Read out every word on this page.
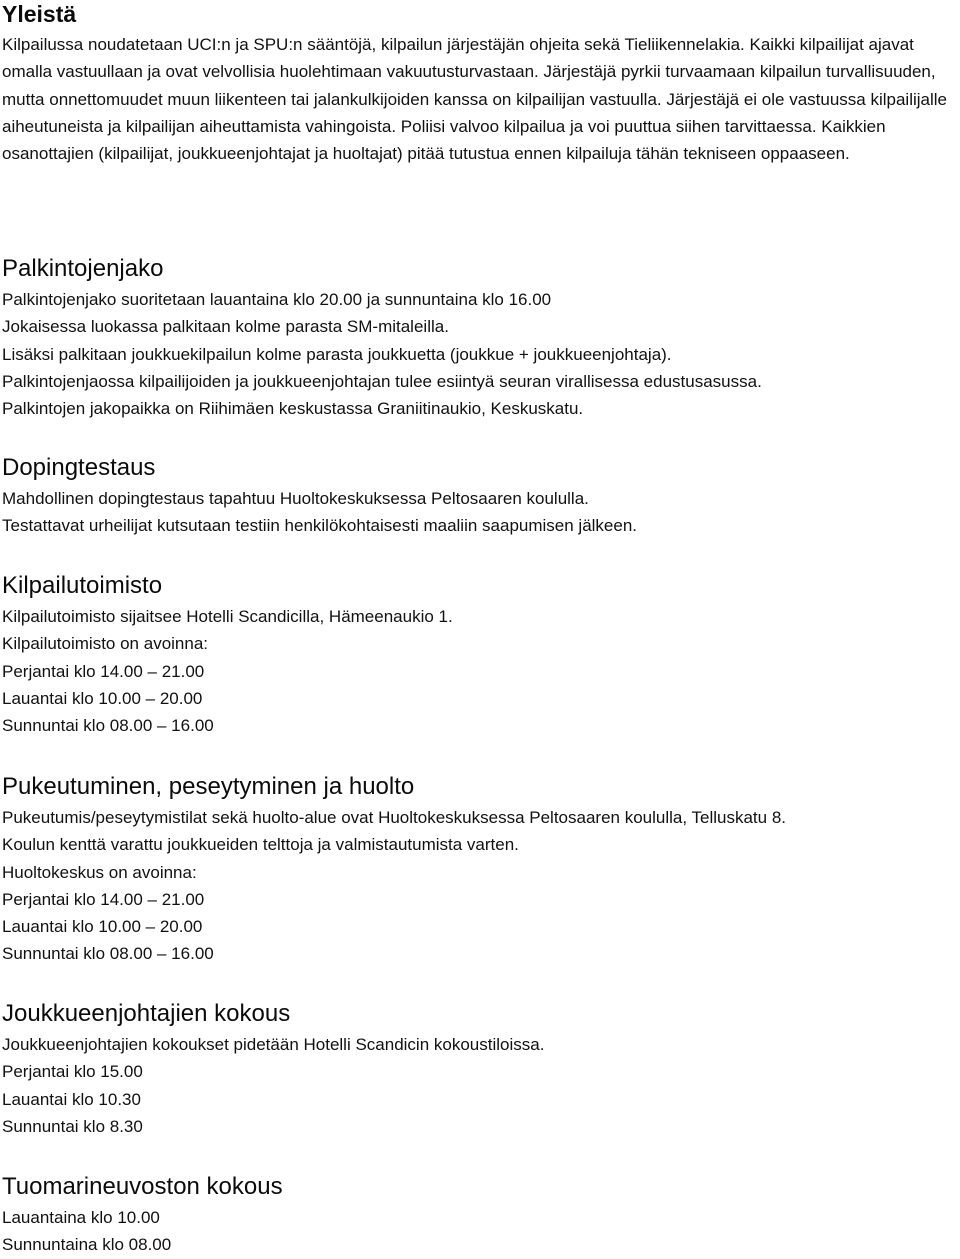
Yleistä

Kilpailussa noudatetaan UCI:n ja SPU:n sääntöjä, kilpailun järjestäjän ohjeita sekä Tieliikennelakia. Kaikki kilpailijat ajavat omalla vastuullaan ja ovat velvollisia huolehtimaan vakuutusturvastaan. Järjestäjä pyrkii turvaamaan kilpailun turvallisuuden, mutta onnettomuudet muun liikenteen tai jalankulkijoiden kanssa on kilpailijan vastuulla. Järjestäjä ei ole vastuussa kilpailijalle aiheutuneista ja kilpailijan aiheuttamista vahingoista. Poliisi valvoo kilpailua ja voi puuttua siihen tarvittaessa. Kaikkien osanottajien (kilpailijat, joukkueenjohtajat ja huoltajat) pitää tutustua ennen kilpailuja tähän tekniseen oppaaseen.

Palkintojenjako

Palkintojenjako suoritetaan lauantaina klo 20.00 ja sunnuntaina klo 16.00

Jokaisessa luokassa palkitaan kolme parasta SM-mitaleilla.

Lisäksi palkitaan joukkuekilpailun kolme parasta joukkuetta (joukkue + joukkueenjohtaja).

Palkintojenjaossa kilpailijoiden ja joukkueenjohtajan tulee esiintyä seuran virallisessa edustusasussa.

Palkintojen jakopaikka on Riihimäen keskustassa Graniitinaukio, Keskuskatu.

Dopingtestaus

Mahdollinen dopingtestaus tapahtuu Huoltokeskuksessa Peltosaaren koululla.

Testattavat urheilijat kutsutaan testiin henkilökohtaisesti maaliin saapumisen jälkeen.

Kilpailutoimisto

Kilpailutoimisto sijaitsee Hotelli Scandicilla, Hämeenaukio 1.

Kilpailutoimisto on avoinna:

Perjantai klo 14.00 – 21.00

Lauantai klo 10.00 – 20.00

Sunnuntai klo 08.00 – 16.00

Pukeutuminen, peseytyminen ja huolto

Pukeutumis/peseytymistilat sekä huolto-alue ovat Huoltokeskuksessa Peltosaaren koululla, Telluskatu 8.

Koulun kenttä varattu joukkueiden telttoja ja valmistautumista varten.

Huoltokeskus on avoinna:

Perjantai klo 14.00 – 21.00

Lauantai klo 10.00 – 20.00

Sunnuntai klo 08.00 – 16.00

Joukkueenjohtajien kokous

Joukkueenjohtajien kokoukset pidetään Hotelli Scandicin kokoustiloissa.

Perjantai klo 15.00

Lauantai klo 10.30

Sunnuntai klo 8.30

Tuomarineuvoston kokous

Lauantaina klo 10.00

Sunnuntaina klo 08.00
